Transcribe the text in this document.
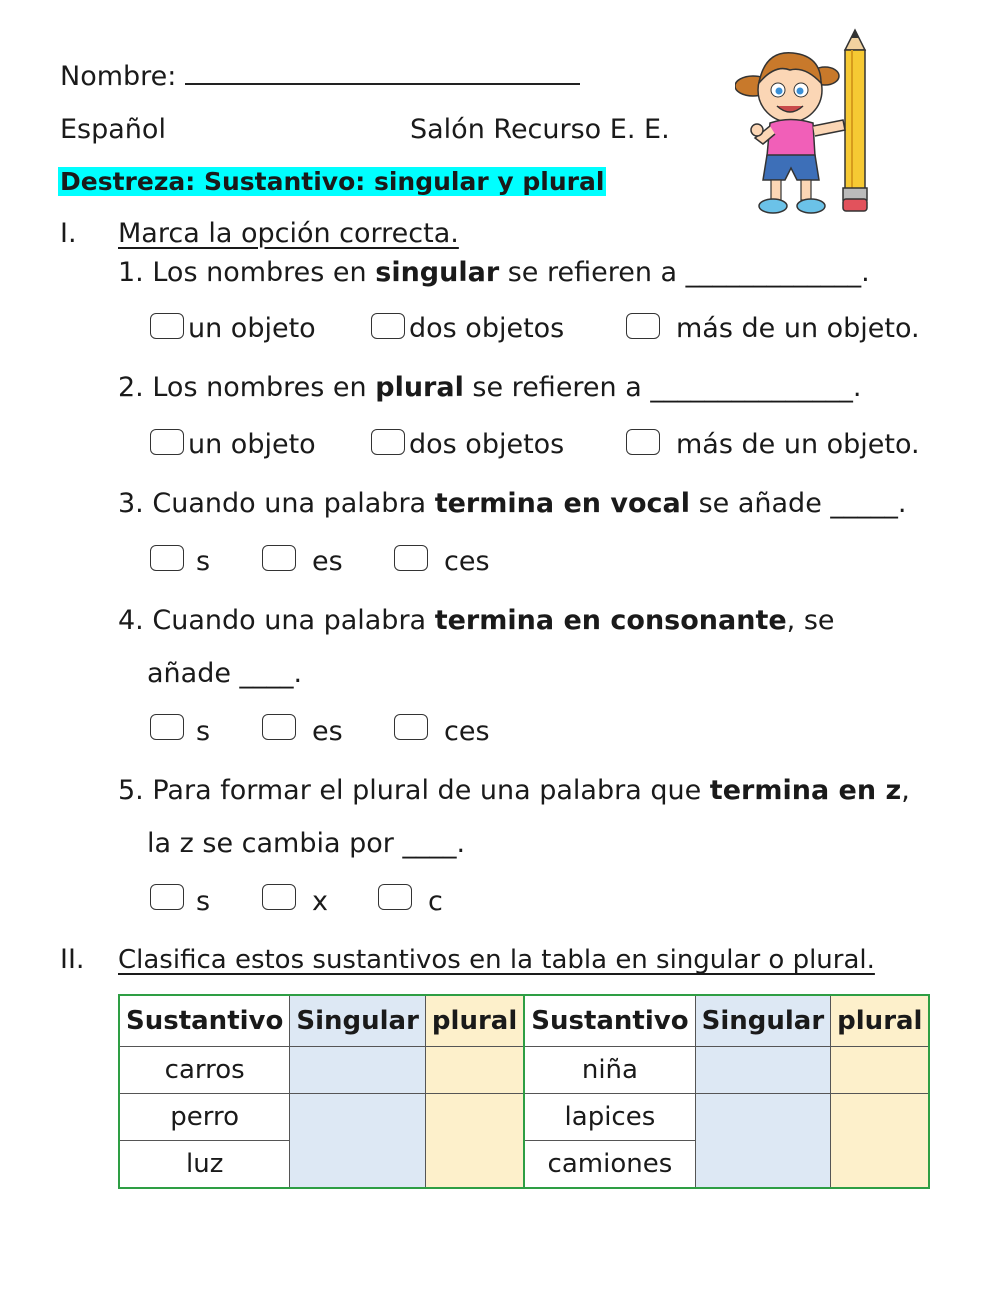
Nombre:
Español	Salón Recurso E. E.
Destreza: Sustantivo: singular y plural
I. Marca la opción correcta.
1. Los nombres en singular se refieren a _____________.
un objeto	dos objetos	más de un objeto.
2. Los nombres en plural se refieren a _______________.
un objeto	dos objetos	más de un objeto.
3. Cuando una palabra termina en vocal se añade _____.
s	es	ces
4. Cuando una palabra termina en consonante, se
añade ____.
s	es	ces
5. Para formar el plural de una palabra que termina en z,
la z se cambia por ____.
s	x	c
II. Clasifica estos sustantivos en la tabla en singular o plural.
Sustantivo	Singular	plural	Sustantivo	Singular	plural
carros			niña		
perro			lapices		
luz			camiones		
